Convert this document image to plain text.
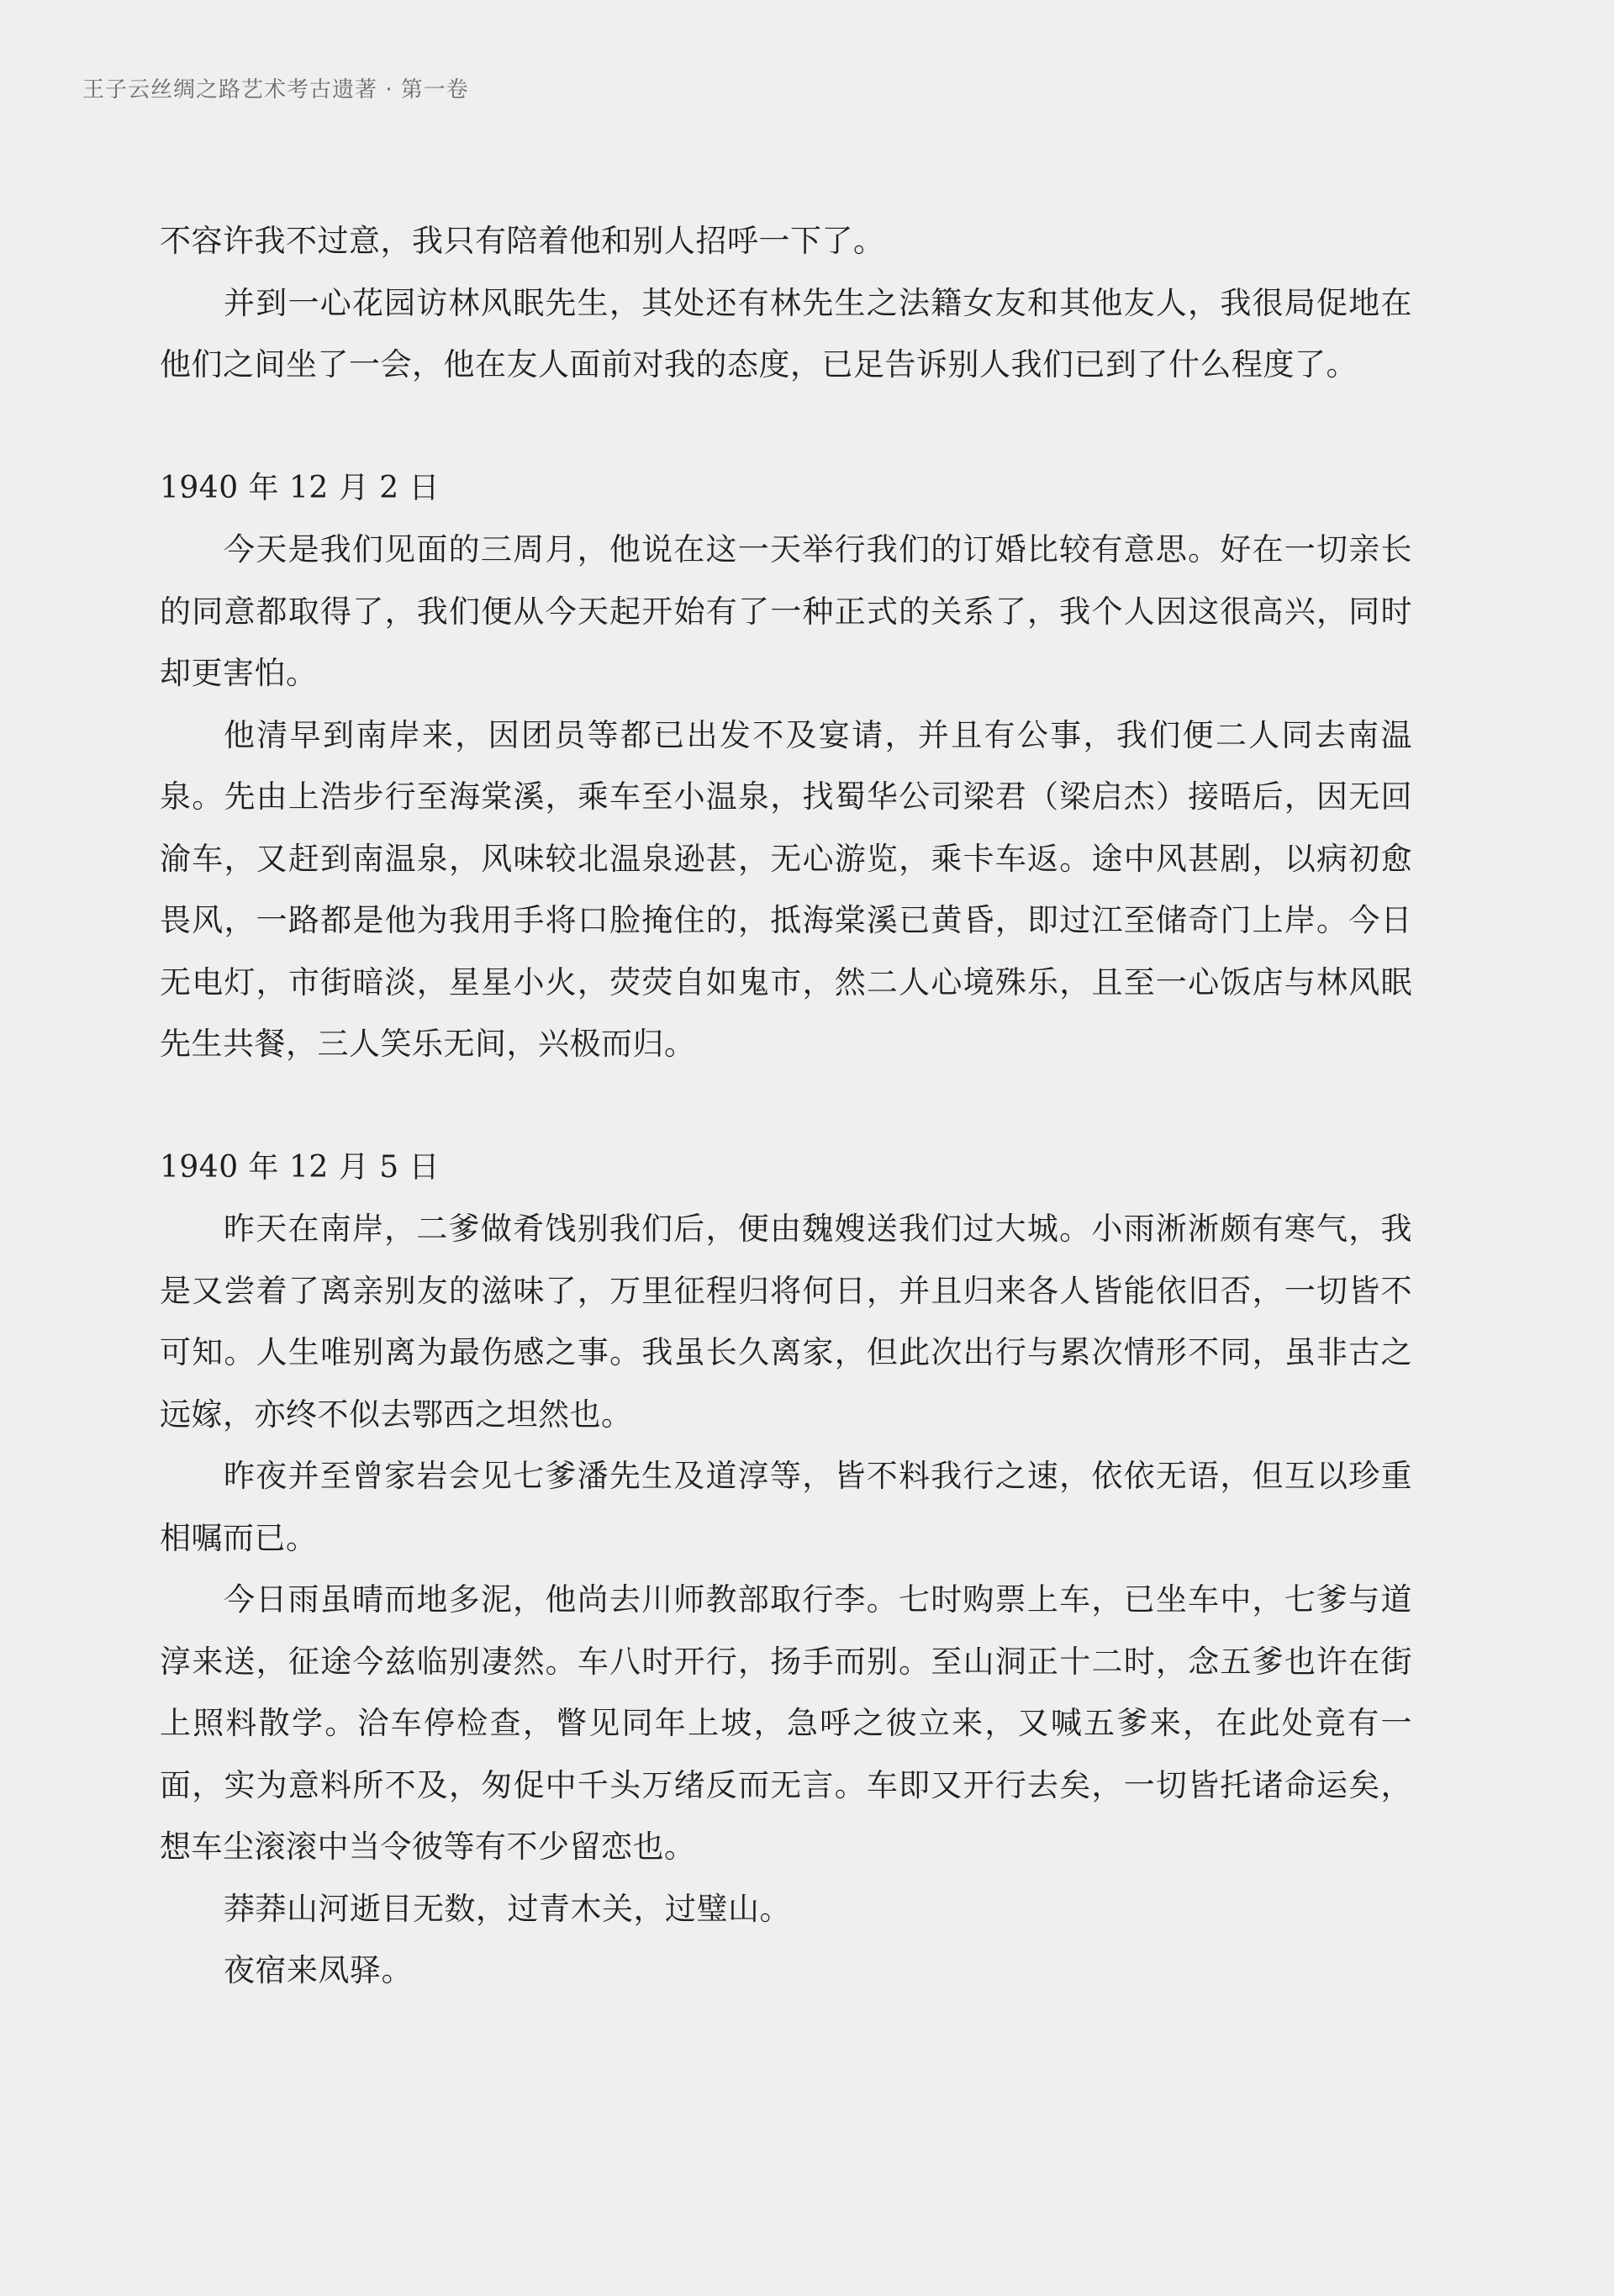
王子云丝绸之路艺术考古遗著 · 第一卷

不容许我不过意，我只有陪着他和别人招呼一下了。

并到一心花园访林风眠先生，其处还有林先生之法籍女友和其他友人，我很局促地在他们之间坐了一会，他在友人面前对我的态度，已足告诉别人我们已到了什么程度了。

1940 年 12 月 2 日

今天是我们见面的三周月，他说在这一天举行我们的订婚比较有意思。好在一切亲长的同意都取得了，我们便从今天起开始有了一种正式的关系了，我个人因这很高兴，同时却更害怕。

他清早到南岸来，因团员等都已出发不及宴请，并且有公事，我们便二人同去南温泉。先由上浩步行至海棠溪，乘车至小温泉，找蜀华公司梁君（梁启杰）接晤后，因无回渝车，又赶到南温泉，风味较北温泉逊甚，无心游览，乘卡车返。途中风甚剧，以病初愈畏风，一路都是他为我用手将口脸掩住的，抵海棠溪已黄昏，即过江至储奇门上岸。今日无电灯，市街暗淡，星星小火，荧荧自如鬼市，然二人心境殊乐，且至一心饭店与林风眠先生共餐，三人笑乐无间，兴极而归。

1940 年 12 月 5 日

昨天在南岸，二爹做肴饯别我们后，便由魏嫂送我们过大城。小雨淅淅颇有寒气，我是又尝着了离亲别友的滋味了，万里征程归将何日，并且归来各人皆能依旧否，一切皆不可知。人生唯别离为最伤感之事。我虽长久离家，但此次出行与累次情形不同，虽非古之远嫁，亦终不似去鄂西之坦然也。

昨夜并至曾家岩会见七爹潘先生及道淳等，皆不料我行之速，依依无语，但互以珍重相嘱而已。

今日雨虽晴而地多泥，他尚去川师教部取行李。七时购票上车，已坐车中，七爹与道淳来送，征途今兹临别凄然。车八时开行，扬手而别。至山洞正十二时，念五爹也许在街上照料散学。洽车停检查，瞥见同年上坡，急呼之彼立来，又喊五爹来，在此处竟有一面，实为意料所不及，匆促中千头万绪反而无言。车即又开行去矣，一切皆托诸命运矣，想车尘滚滚中当令彼等有不少留恋也。

莽莽山河逝目无数，过青木关，过璧山。

夜宿来凤驿。
